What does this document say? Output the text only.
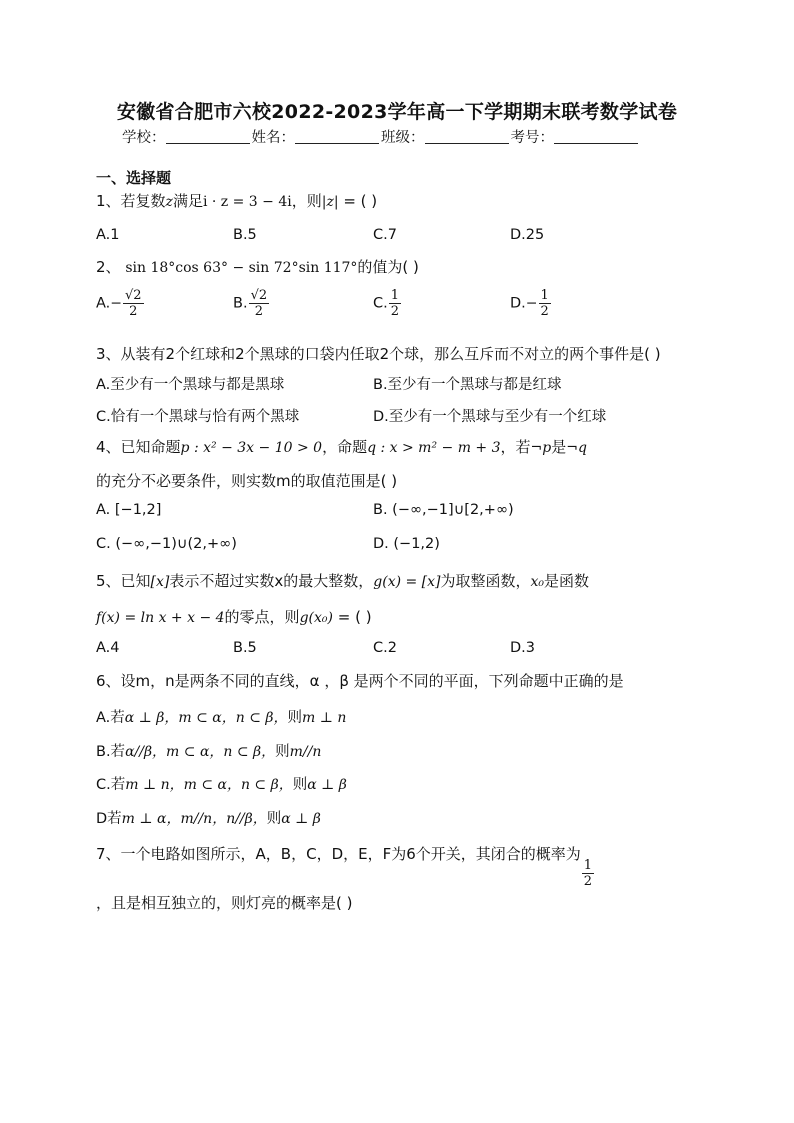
安徽省合肥市六校2022-2023学年高一下学期期末联考数学试卷
学校：	姓名：	班级：	考号：
一、选择题
1、若复数z满足i · z = 3 − 4i，则|z| = ( )
A.1	B.5	C.7	D.25
2、 sin 18°cos 63° − sin 72°sin 117°的值为( )
$A.- \frac{√2}{2}$	B. $\frac{√2}{2}$	C. $\frac{1}{2}$	$D.- \frac{1}{2}$
3、从装有2个红球和2个黑球的口袋内任取2个球，那么互斥而不对立的两个事件是( )
A.至少有一个黑球与都是黑球	B.至少有一个黑球与都是红球
C.恰有一个黑球与恰有两个黑球	D.至少有一个黑球与至少有一个红球
4、已知命题p : x² − 3x − 10 > 0，命题q : x > m² − m + 3，若¬p是¬q
的充分不必要条件，则实数m的取值范围是( )
A. [−1,2]	B. (−∞,−1]∪[2,+∞)
C. (−∞,−1)∪(2,+∞)	D. (−1,2)
5、已知[x]表示不超过实数x的最大整数，g(x) = [x]为取整函数，x₀是函数
f(x) = ln x + x − 4的零点，则g(x₀) = ( )
A.4	B.5	C.2	D.3
6、设m，n是两条不同的直线，α ，β 是两个不同的平面，下列命题中正确的是
A.若α ⊥ β，m ⊂ α，n ⊂ β，则m ⊥ n
B.若α//β，m ⊂ α，n ⊂ β，则m//n
C.若m ⊥ n，m ⊂ α，n ⊂ β，则α ⊥ β
D若m ⊥ α，m//n，n//β，则α ⊥ β
7、一个电路如图所示，A，B，C，D，E，F为6个开关，其闭合的概率为
$\frac{1}{2}$
，且是相互独立的，则灯亮的概率是( )
